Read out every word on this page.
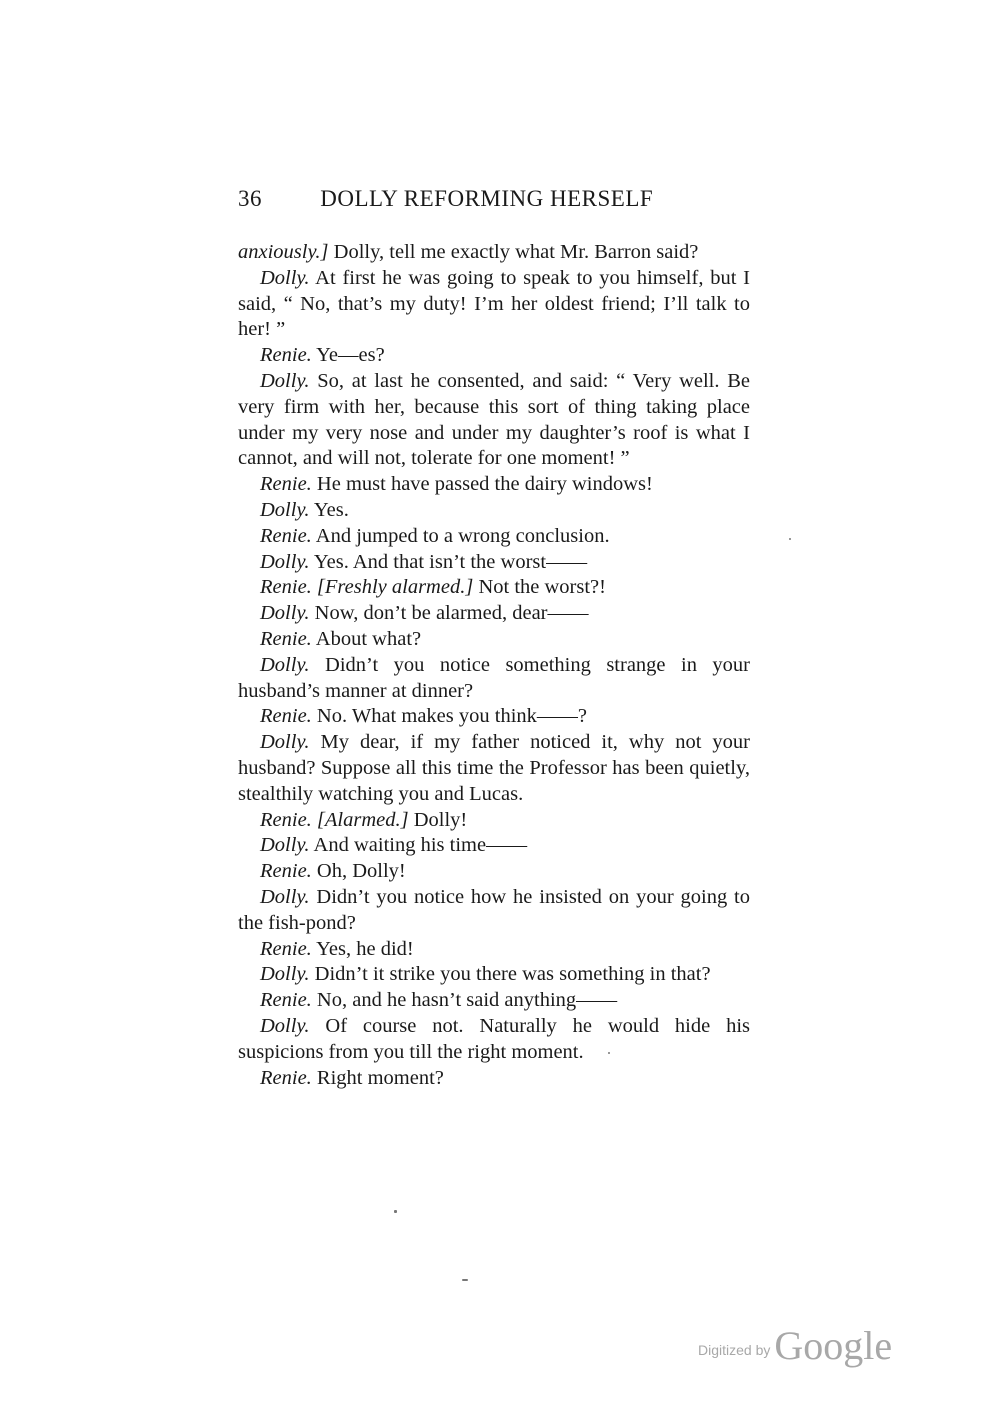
36	DOLLY REFORMING HERSELF

anxiously.] Dolly, tell me exactly what Mr. Barron said?

Dolly. At first he was going to speak to you himself, but I said, “ No, that’s my duty! I’m her oldest friend; I’ll talk to her! ”

Renie. Ye—es?

Dolly. So, at last he consented, and said: “ Very well. Be very firm with her, because this sort of thing taking place under my very nose and under my daughter’s roof is what I cannot, and will not, tolerate for one moment! ”

Renie. He must have passed the dairy windows!

Dolly. Yes.

Renie. And jumped to a wrong conclusion.

Dolly. Yes. And that isn’t the worst——

Renie. [Freshly alarmed.] Not the worst?!

Dolly. Now, don’t be alarmed, dear——

Renie. About what?

Dolly. Didn’t you notice something strange in your husband’s manner at dinner?

Renie. No. What makes you think——?

Dolly. My dear, if my father noticed it, why not your husband? Suppose all this time the Professor has been quietly, stealthily watching you and Lucas.

Renie. [Alarmed.] Dolly!

Dolly. And waiting his time——

Renie. Oh, Dolly!

Dolly. Didn’t you notice how he insisted on your going to the fish-pond?

Renie. Yes, he did!

Dolly. Didn’t it strike you there was something in that?

Renie. No, and he hasn’t said anything——

Dolly. Of course not. Naturally he would hide his suspicions from you till the right moment.

Renie. Right moment?

Digitized by Google
